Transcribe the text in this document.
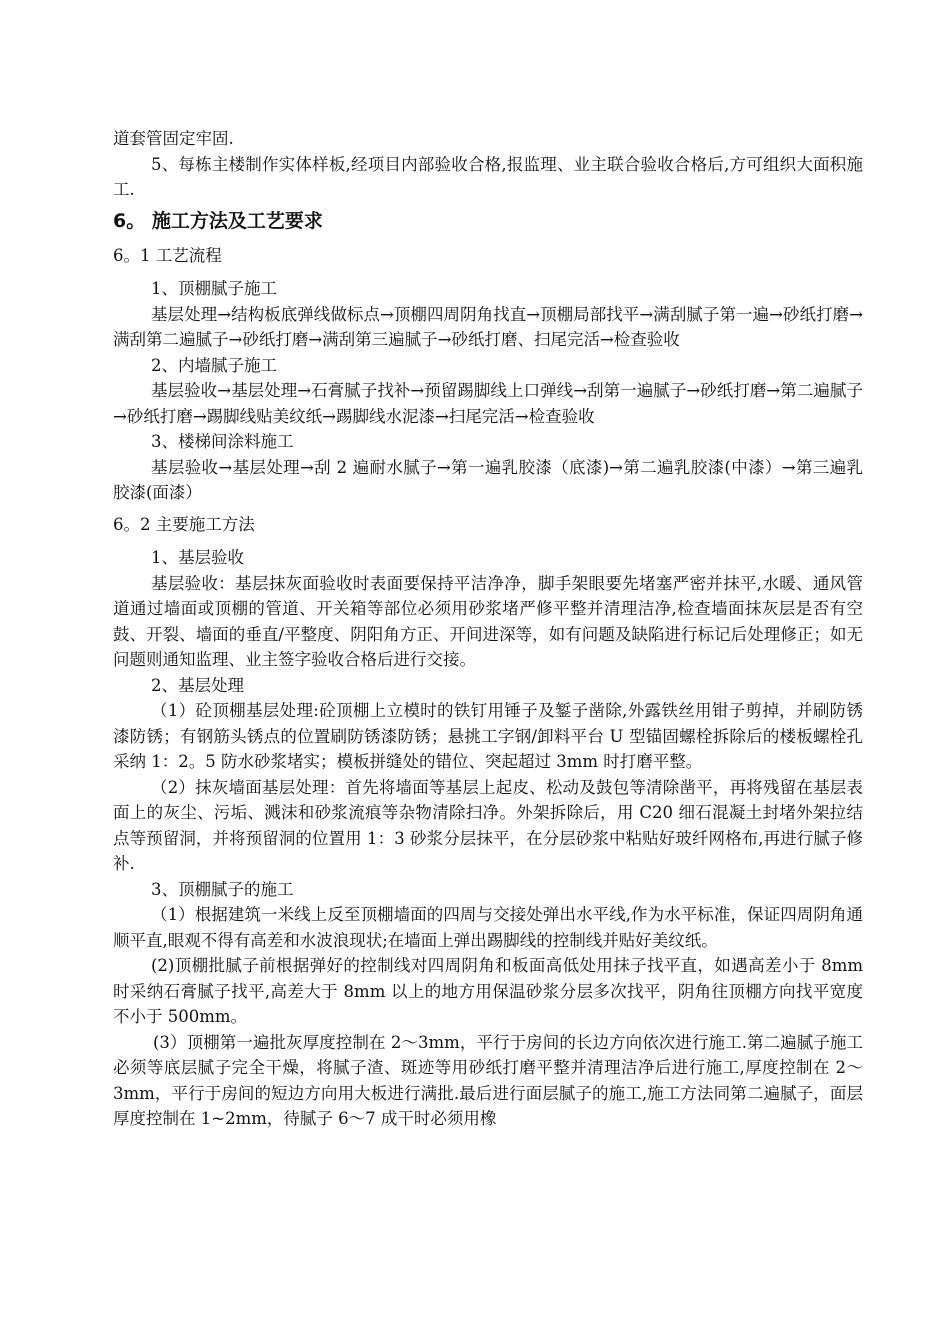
道套管固定牢固.

5、每栋主楼制作实体样板,经项目内部验收合格,报监理、业主联合验收合格后,方可组织大面积施工.

6。 施工方法及工艺要求

6。1 工艺流程

1、顶棚腻子施工

基层处理→结构板底弹线做标点→顶棚四周阴角找直→顶棚局部找平→满刮腻子第一遍→砂纸打磨→满刮第二遍腻子→砂纸打磨→满刮第三遍腻子→砂纸打磨、扫尾完活→检查验收

2、内墙腻子施工

基层验收→基层处理→石膏腻子找补→预留踢脚线上口弹线→刮第一遍腻子→砂纸打磨→第二遍腻子→砂纸打磨→踢脚线贴美纹纸→踢脚线水泥漆→扫尾完活→检查验收

3、楼梯间涂料施工

基层验收→基层处理→刮 2 遍耐水腻子→第一遍乳胶漆（底漆)→第二遍乳胶漆(中漆）→第三遍乳胶漆(面漆）

6。2 主要施工方法

1、基层验收

基层验收：基层抹灰面验收时表面要保持平洁净净，脚手架眼要先堵塞严密并抹平,水暖、通风管道通过墙面或顶棚的管道、开关箱等部位必须用砂浆堵严修平整并清理洁净,检查墙面抹灰层是否有空鼓、开裂、墙面的垂直/平整度、阴阳角方正、开间进深等，如有问题及缺陷进行标记后处理修正；如无问题则通知监理、业主签字验收合格后进行交接。

2、基层处理

（1）砼顶棚基层处理:砼顶棚上立模时的铁钉用锤子及錾子凿除,外露铁丝用钳子剪掉，并刷防锈漆防锈；有钢筋头锈点的位置刷防锈漆防锈；悬挑工字钢/卸料平台 U 型锚固螺栓拆除后的楼板螺栓孔采纳 1：2。5 防水砂浆堵实；模板拼缝处的错位、突起超过 3mm 时打磨平整。

（2）抹灰墙面基层处理：首先将墙面等基层上起皮、松动及鼓包等清除凿平，再将残留在基层表面上的灰尘、污垢、溅沫和砂浆流痕等杂物清除扫净。外架拆除后，用 C20 细石混凝土封堵外架拉结点等预留洞，并将预留洞的位置用 1：3 砂浆分层抹平，在分层砂浆中粘贴好玻纤网格布,再进行腻子修补.

3、顶棚腻子的施工

（1）根据建筑一米线上反至顶棚墙面的四周与交接处弹出水平线,作为水平标准，保证四周阴角通顺平直,眼观不得有高差和水波浪现状;在墙面上弹出踢脚线的控制线并贴好美纹纸。

(2)顶棚批腻子前根据弹好的控制线对四周阴角和板面高低处用抹子找平直，如遇高差小于 8mm 时采纳石膏腻子找平,高差大于 8mm 以上的地方用保温砂浆分层多次找平，阴角往顶棚方向找平宽度不小于 500mm。

(3）顶棚第一遍批灰厚度控制在 2～3mm，平行于房间的长边方向依次进行施工.第二遍腻子施工必须等底层腻子完全干燥，将腻子渣、斑迹等用砂纸打磨平整并清理洁净后进行施工,厚度控制在 2～3mm，平行于房间的短边方向用大板进行满批.最后进行面层腻子的施工,施工方法同第二遍腻子，面层厚度控制在 1~2mm，待腻子 6～7 成干时必须用橡
